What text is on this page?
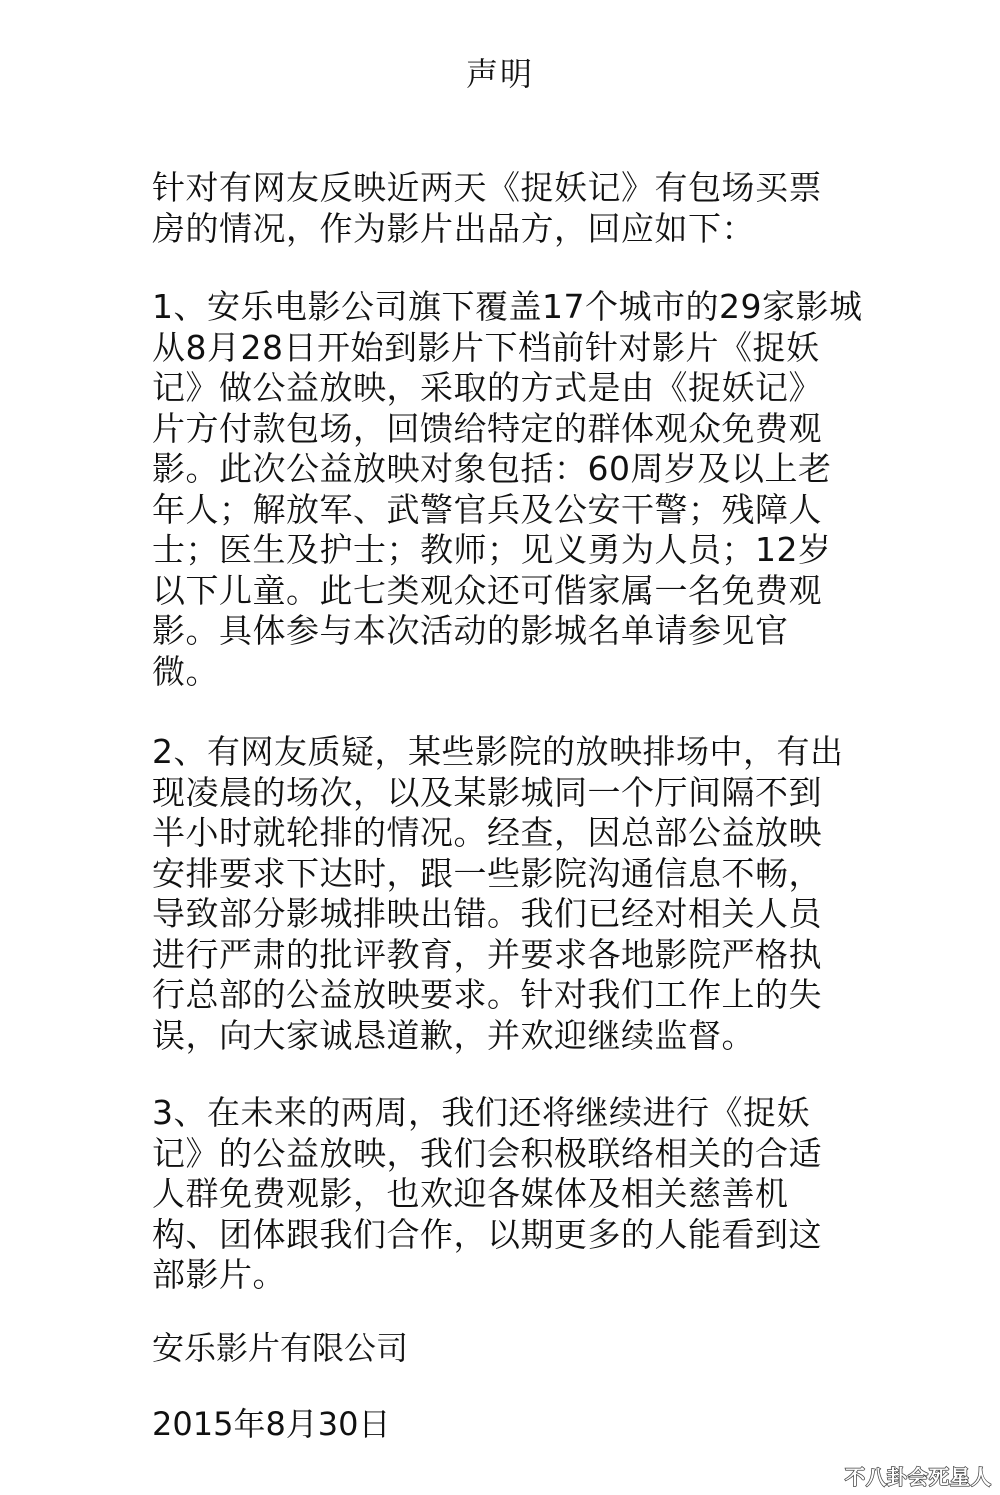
声明
针对有网友反映近两天《捉妖记》有包场买票
房的情况，作为影片出品方，回应如下：
1、安乐电影公司旗下覆盖17个城市的29家影城
从8月28日开始到影片下档前针对影片《捉妖
记》做公益放映，采取的方式是由《捉妖记》
片方付款包场，回馈给特定的群体观众免费观
影。此次公益放映对象包括：60周岁及以上老
年人；解放军、武警官兵及公安干警；残障人
士；医生及护士；教师；见义勇为人员；12岁
以下儿童。此七类观众还可偕家属一名免费观
影。具体参与本次活动的影城名单请参见官
微。
2、有网友质疑，某些影院的放映排场中，有出
现凌晨的场次，以及某影城同一个厅间隔不到
半小时就轮排的情况。经查，因总部公益放映
安排要求下达时，跟一些影院沟通信息不畅，
导致部分影城排映出错。我们已经对相关人员
进行严肃的批评教育，并要求各地影院严格执
行总部的公益放映要求。针对我们工作上的失
误，向大家诚恳道歉，并欢迎继续监督。
3、在未来的两周，我们还将继续进行《捉妖
记》的公益放映，我们会积极联络相关的合适
人群免费观影，也欢迎各媒体及相关慈善机
构、团体跟我们合作，以期更多的人能看到这
部影片。
安乐影片有限公司
2015年8月30日
不八卦会死星人
